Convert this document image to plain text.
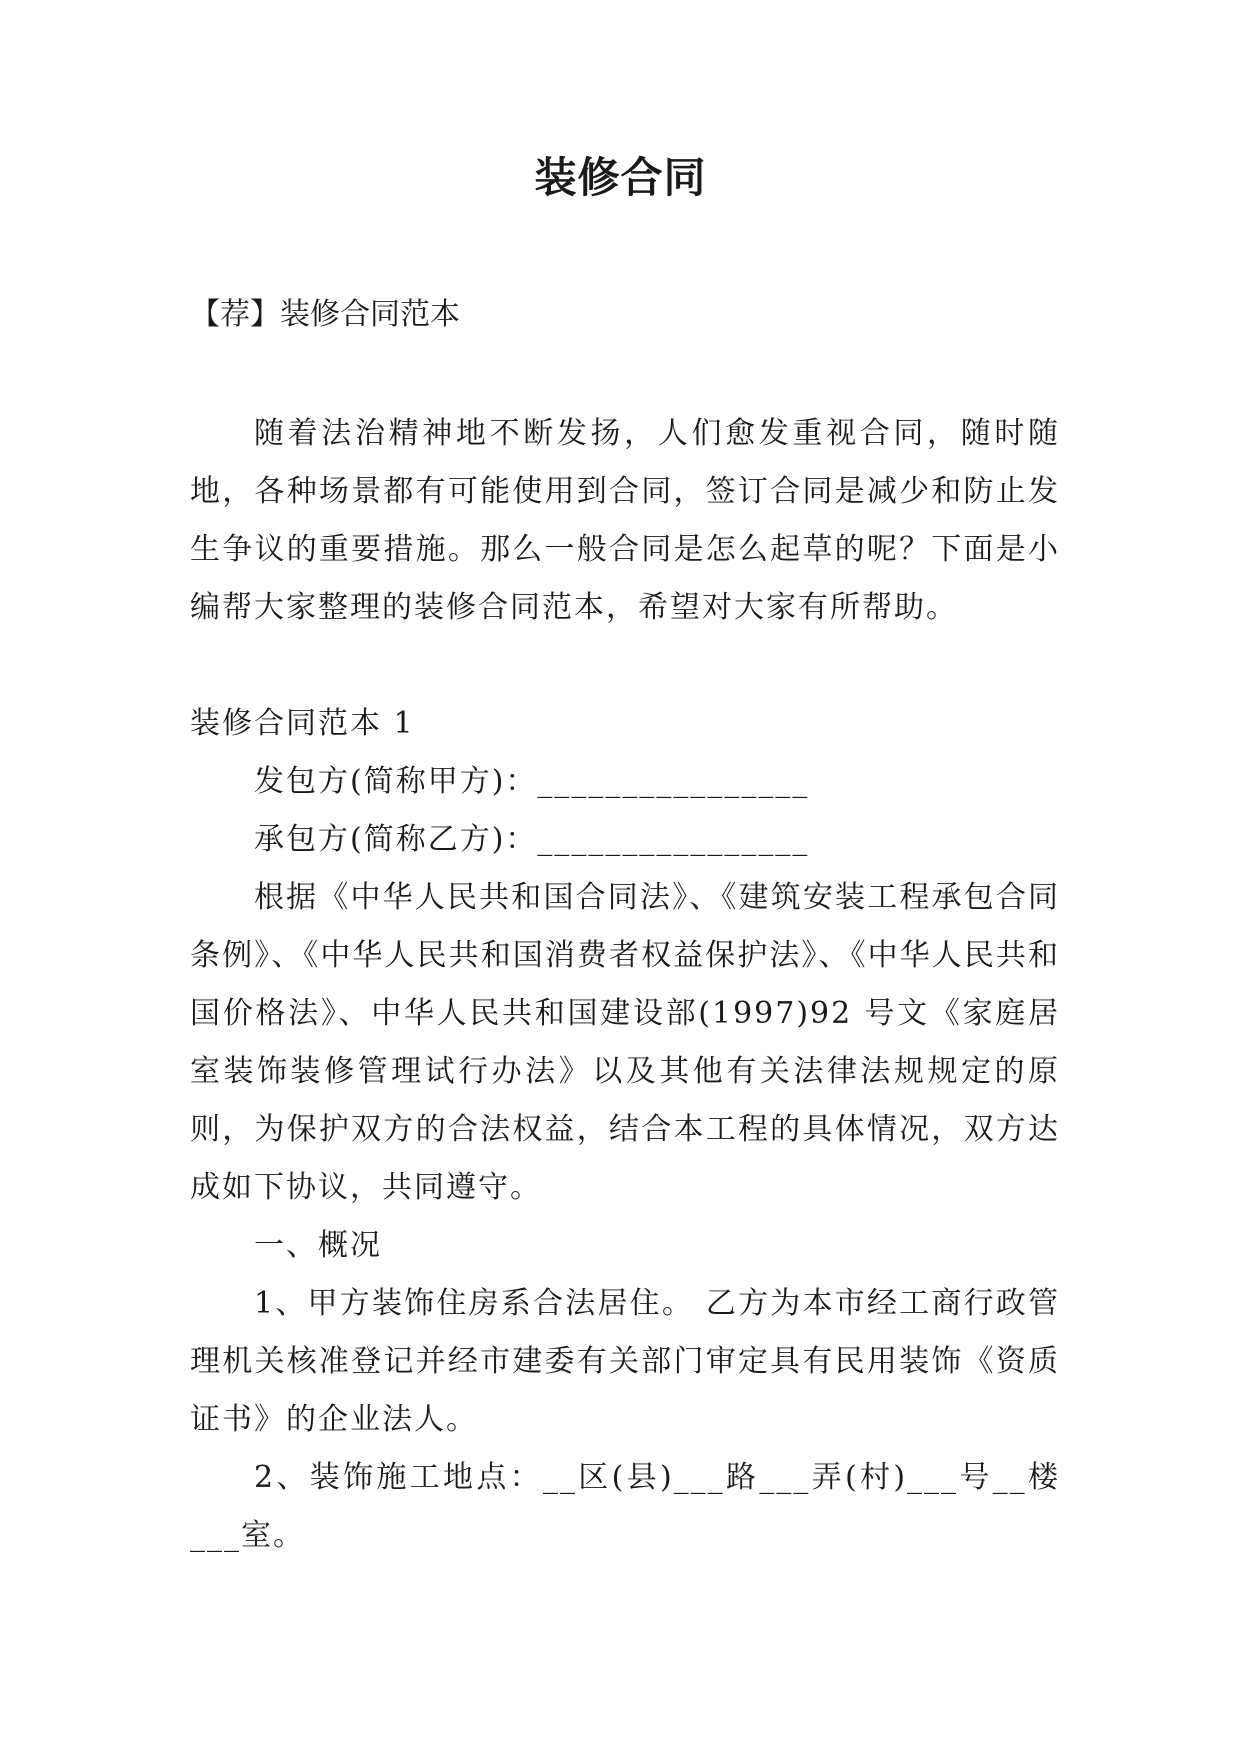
装修合同
【荐】装修合同范本

随着法治精神地不断发扬，人们愈发重视合同，随时随地，各种场景都有可能使用到合同，签订合同是减少和防止发生争议的重要措施。那么一般合同是怎么起草的呢？下面是小编帮大家整理的装修合同范本，希望对大家有所帮助。

装修合同范本 1

发包方(简称甲方)：________________

承包方(简称乙方)：________________

根据《中华人民共和国合同法》、《建筑安装工程承包合同条例》、《中华人民共和国消费者权益保护法》、《中华人民共和国价格法》、中华人民共和国建设部(1997)92 号文《家庭居室装饰装修管理试行办法》以及其他有关法律法规规定的原则，为保护双方的合法权益，结合本工程的具体情况，双方达成如下协议，共同遵守。

一、概况

1、甲方装饰住房系合法居住。 乙方为本市经工商行政管理机关核准登记并经市建委有关部门审定具有民用装饰《资质证书》的企业法人。

2、装饰施工地点：__区(县)___路___弄(村)___号__楼___室。
